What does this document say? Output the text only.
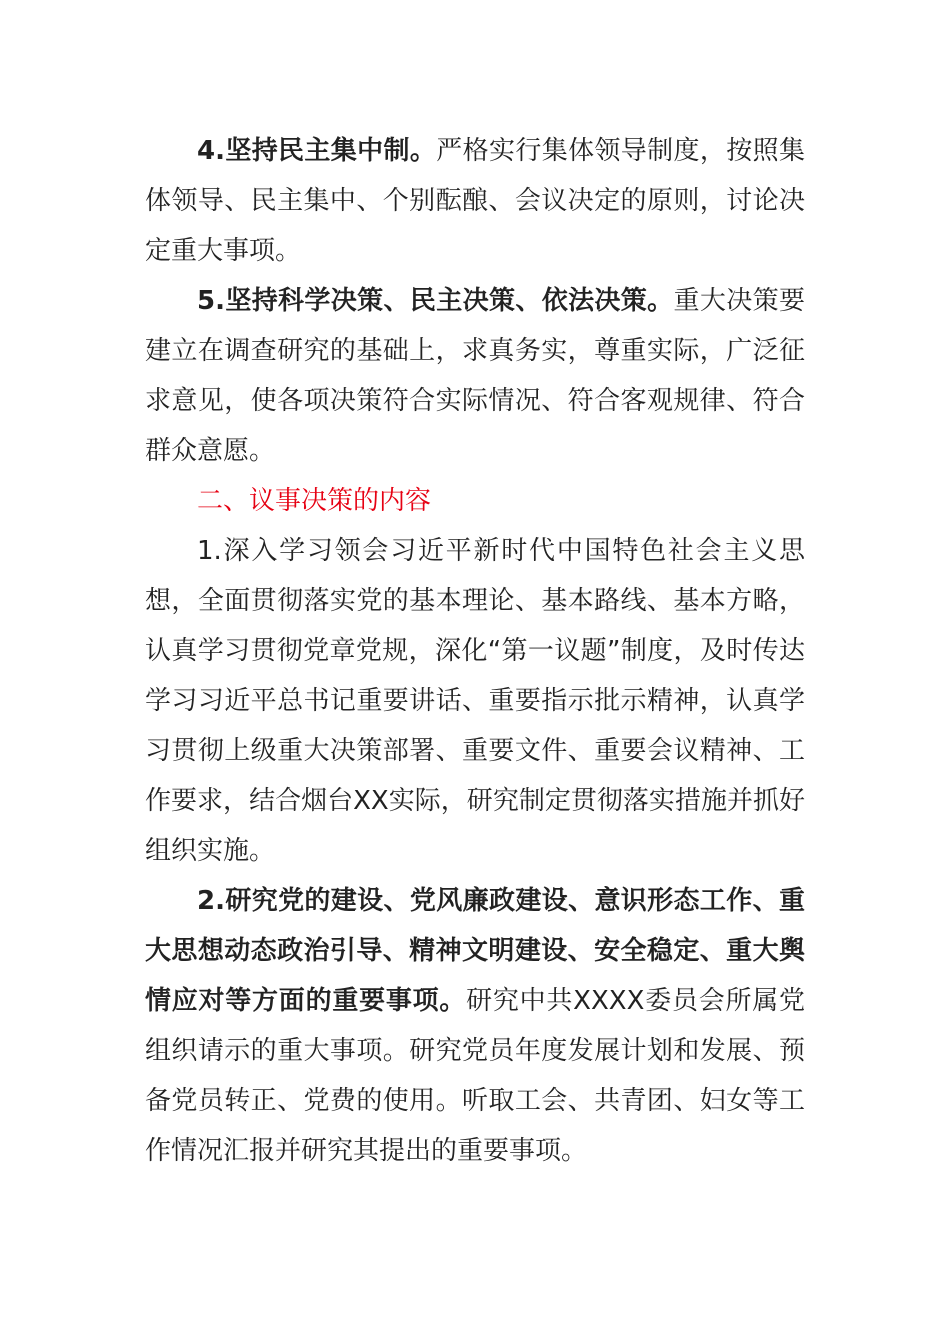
4.坚持民主集中制。严格实行集体领导制度，按照集体领导、民主集中、个别酝酿、会议决定的原则，讨论决定重大事项。

5.坚持科学决策、民主决策、依法决策。重大决策要建立在调查研究的基础上，求真务实，尊重实际，广泛征求意见，使各项决策符合实际情况、符合客观规律、符合群众意愿。

二、议事决策的内容

1.深入学习领会习近平新时代中国特色社会主义思想，全面贯彻落实党的基本理论、基本路线、基本方略，认真学习贯彻党章党规，深化“第一议题”制度，及时传达学习习近平总书记重要讲话、重要指示批示精神，认真学习贯彻上级重大决策部署、重要文件、重要会议精神、工作要求，结合烟台XX实际，研究制定贯彻落实措施并抓好组织实施。

2.研究党的建设、党风廉政建设、意识形态工作、重大思想动态政治引导、精神文明建设、安全稳定、重大舆情应对等方面的重要事项。研究中共XXXX委员会所属党组织请示的重大事项。研究党员年度发展计划和发展、预备党员转正、党费的使用。听取工会、共青团、妇女等工作情况汇报并研究其提出的重要事项。
